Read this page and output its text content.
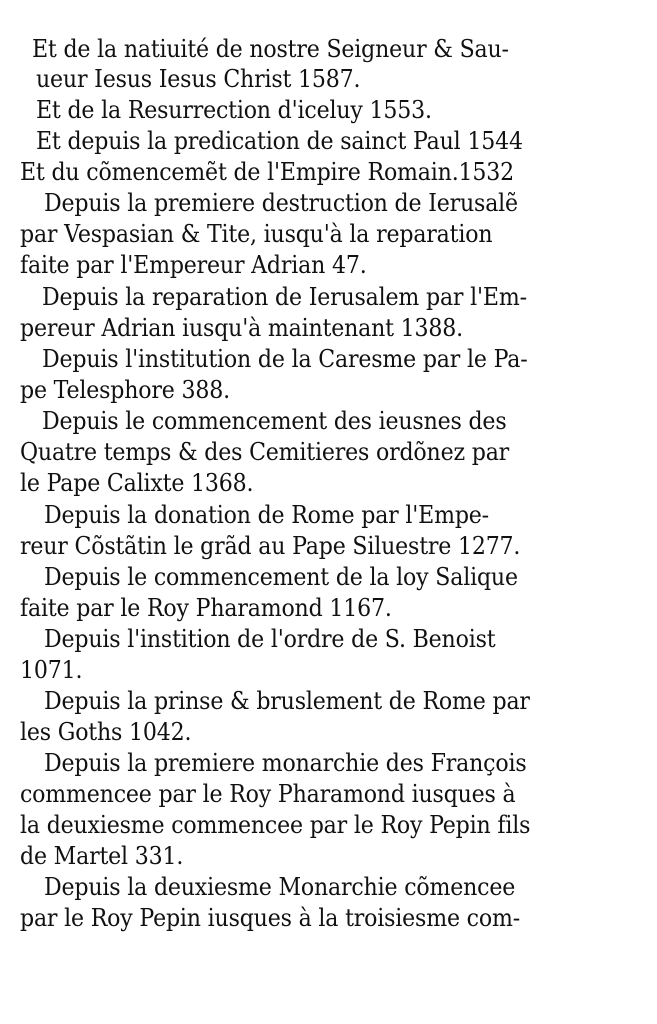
Et de la natiuité de nostre Seigneur & Sau-
ueur Iesus Iesus Christ 1587.
Et de la Resurrection d'iceluy 1553.
Et depuis la predication de sainct Paul 1544
Et du cõmencemẽt de l'Empire Romain.1532
Depuis la premiere destruction de Ierusalẽ
par Vespasian & Tite, iusqu'à la reparation
faite par l'Empereur Adrian 47.
Depuis la reparation de Ierusalem par l'Em-
pereur Adrian iusqu'à maintenant 1388.
Depuis l'institution de la Caresme par le Pa-
pe Telesphore 388.
Depuis le commencement des ieusnes des
Quatre temps & des Cemitieres ordõnez par
le Pape Calixte 1368.
Depuis la donation de Rome par l'Empe-
reur Cõstãtin le grãd au Pape Siluestre 1277.
Depuis le commencement de la loy Salique
faite par le Roy Pharamond 1167.
Depuis l'instition de l'ordre de S. Benoist
1071.
Depuis la prinse & bruslement de Rome par
les Goths 1042.
Depuis la premiere monarchie des François
commencee par le Roy Pharamond iusques à
la deuxiesme commencee par le Roy Pepin fils
de Martel 331.
Depuis la deuxiesme Monarchie cõmencee
par le Roy Pepin iusques à la troisiesme com-
